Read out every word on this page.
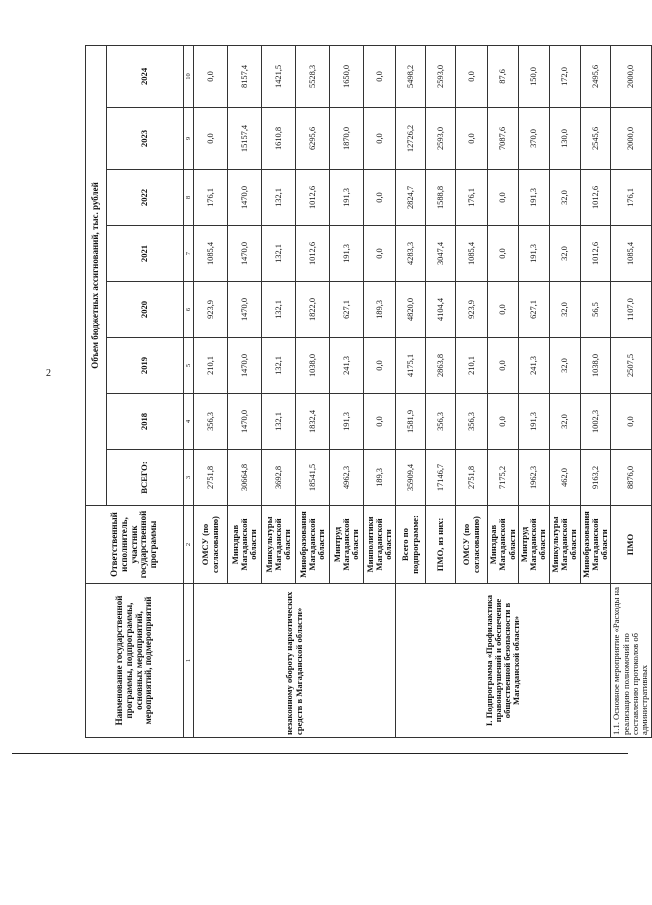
2
Наименование государственной программы, подпрограммы, основных мероприятий, мероприятий, подмероприятий	Ответственный исполнитель, участник государственной программы	Объем бюджетных ассигнований, тыс. рублей							
		ВСЕГО:	2018	2019	2020	2021	2022	2023	2024
1	2	3	4	5	6	7	8	9	10
незаконному обороту наркотических средств в Магаданской области»	ОМСУ (по согласованию)	2751,8	356,3	210,1	923,9	1085,4	176,1	0,0	0,0
	Минздрав Магаданской области	30664,8	1470,0	1470,0	1470,0	1470,0	1470,0	15157,4	8157,4
	Минкультуры Магаданской области	3692,8	132,1	132,1	132,1	132,1	132,1	1610,8	1421,5
	Минобразования Магаданской области	18541,5	1832,4	1038,0	1822,0	1012,6	1012,6	6295,6	5528,3
	Минтруд Магаданской области	4962,3	191,3	241,3	627,1	191,3	191,3	1870,0	1650,0
	Минполитики Магаданской области	189,3	0,0	0,0	189,3	0,0	0,0	0,0	0,0
I. Подпрограмма «Профилактика правонарушений и обеспечение общественной безопасности в Магаданской области»	Всего по подпрограмме:	35909,4	1581,9	4175,1	4820,0	4283,3	2824,7	12726,2	5498,2
	ПМО, из них:	17146,7	356,3	2863,8	4104,4	3047,4	1588,8	2593,0	2593,0
	ОМСУ (по согласованию)	2751,8	356,3	210,1	923,9	1085,4	176,1	0,0	0,0
	Минздрав Магаданской области	7175,2	0,0	0,0	0,0	0,0	0,0	7087,6	87,6
	Минтруд Магаданской области	1962,3	191,3	241,3	627,1	191,3	191,3	370,0	150,0
	Минкультуры Магаданской области	462,0	32,0	32,0	32,0	32,0	32,0	130,0	172,0
	Минобразования Магаданской области	9163,2	1002,3	1038,0	56,5	1012,6	1012,6	2545,6	2495,6
1.1. Основное мероприятие «Расходы на реализацию полномочий по составлению протоколов об административных	ПМО	8876,0	0,0	2507,5	1107,0	1085,4	176,1	2000,0	2000,0
